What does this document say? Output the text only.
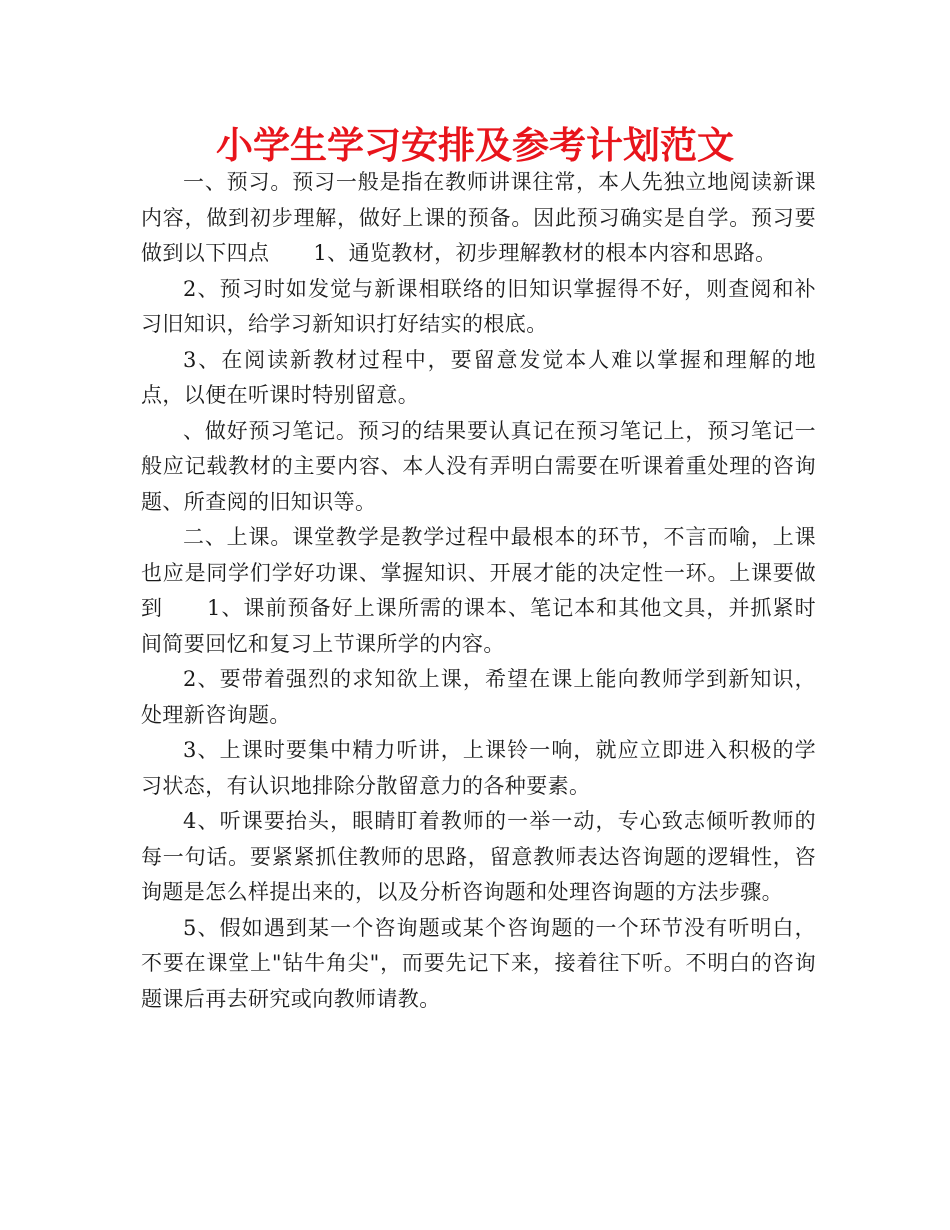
小学生学习安排及参考计划范文

一、预习。预习一般是指在教师讲课往常，本人先独立地阅读新课内容，做到初步理解，做好上课的预备。因此预习确实是自学。预习要做到以下四点 1、通览教材，初步理解教材的根本内容和思路。

2、预习时如发觉与新课相联络的旧知识掌握得不好，则查阅和补习旧知识，给学习新知识打好结实的根底。

3、在阅读新教材过程中，要留意发觉本人难以掌握和理解的地点，以便在听课时特别留意。

、做好预习笔记。预习的结果要认真记在预习笔记上，预习笔记一般应记载教材的主要内容、本人没有弄明白需要在听课着重处理的咨询题、所查阅的旧知识等。

二、上课。课堂教学是教学过程中最根本的环节，不言而喻，上课也应是同学们学好功课、掌握知识、开展才能的决定性一环。上课要做到 1、课前预备好上课所需的课本、笔记本和其他文具，并抓紧时间简要回忆和复习上节课所学的内容。

2、要带着强烈的求知欲上课，希望在课上能向教师学到新知识，处理新咨询题。

3、上课时要集中精力听讲，上课铃一响，就应立即进入积极的学习状态，有认识地排除分散留意力的各种要素。

4、听课要抬头，眼睛盯着教师的一举一动，专心致志倾听教师的每一句话。要紧紧抓住教师的思路，留意教师表达咨询题的逻辑性，咨询题是怎么样提出来的，以及分析咨询题和处理咨询题的方法步骤。

5、假如遇到某一个咨询题或某个咨询题的一个环节没有听明白，不要在课堂上"钻牛角尖"，而要先记下来，接着往下听。不明白的咨询题课后再去研究或向教师请教。
